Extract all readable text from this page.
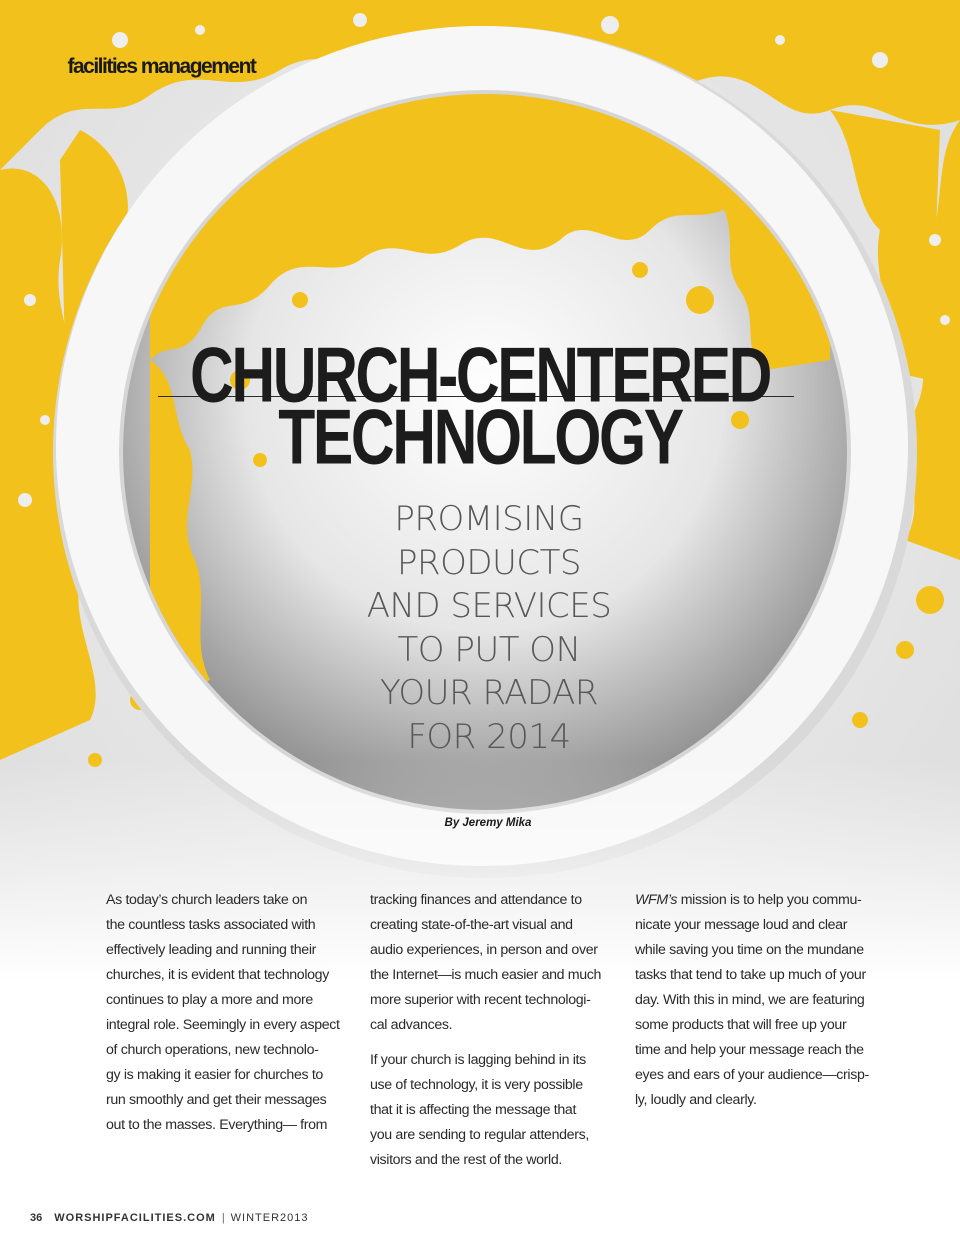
wfmfacilities management
CHURCH-CENTERED
TECHNOLOGY
PROMISING
PRODUCTS
AND SERVICES
TO PUT ON
YOUR RADAR
FOR 2014
By Jeremy Mika

As today’s church leaders take on
the countless tasks associated with
effectively leading and running their
churches, it is evident that technology
continues to play a more and more
integral role. Seemingly in every aspect
of church operations, new technolo-
gy is making it easier for churches to
run smoothly and get their messages
out to the masses. Everything— from

tracking finances and attendance to
creating state-of-the-art visual and
audio experiences, in person and over
the Internet—is much easier and much
more superior with recent technologi-
cal advances.

If your church is lagging behind in its
use of technology, it is very possible
that it is affecting the message that
you are sending to regular attenders,
visitors and the rest of the world.

WFM’s mission is to help you commu-
nicate your message loud and clear
while saving you time on the mundane
tasks that tend to take up much of your
day. With this in mind, we are featuring
some products that will free up your
time and help your message reach the
eyes and ears of your audience—crisp-
ly, loudly and clearly.

36 WORSHIPFACILITIES.COM | WINTER2013
